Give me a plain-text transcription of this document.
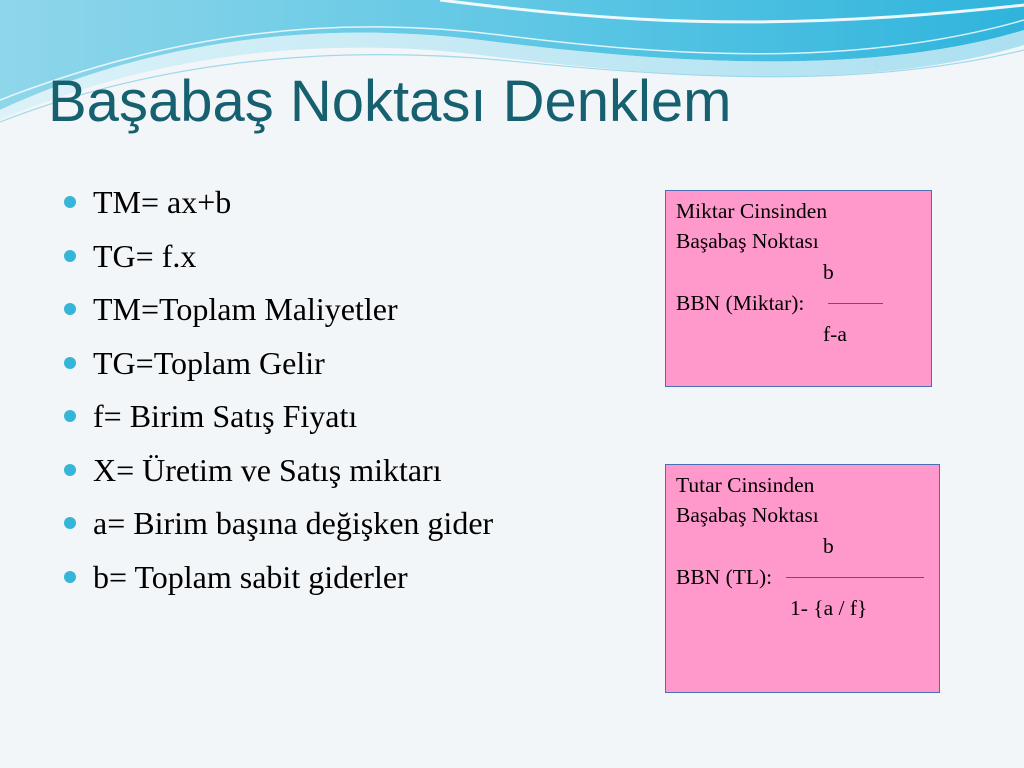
Başabaş Noktası Denklem
TM= ax+b
TG= f.x
TM=Toplam Maliyetler
TG=Toplam Gelir
f= Birim Satış Fiyatı
X= Üretim ve Satış miktarı
a= Birim başına değişken gider
b= Toplam sabit giderler
Miktar Cinsinden
Başabaş Noktası
b
BBN (Miktar):
f-a
Tutar Cinsinden
Başabaş Noktası
b
BBN (TL):
1- {a / f}
